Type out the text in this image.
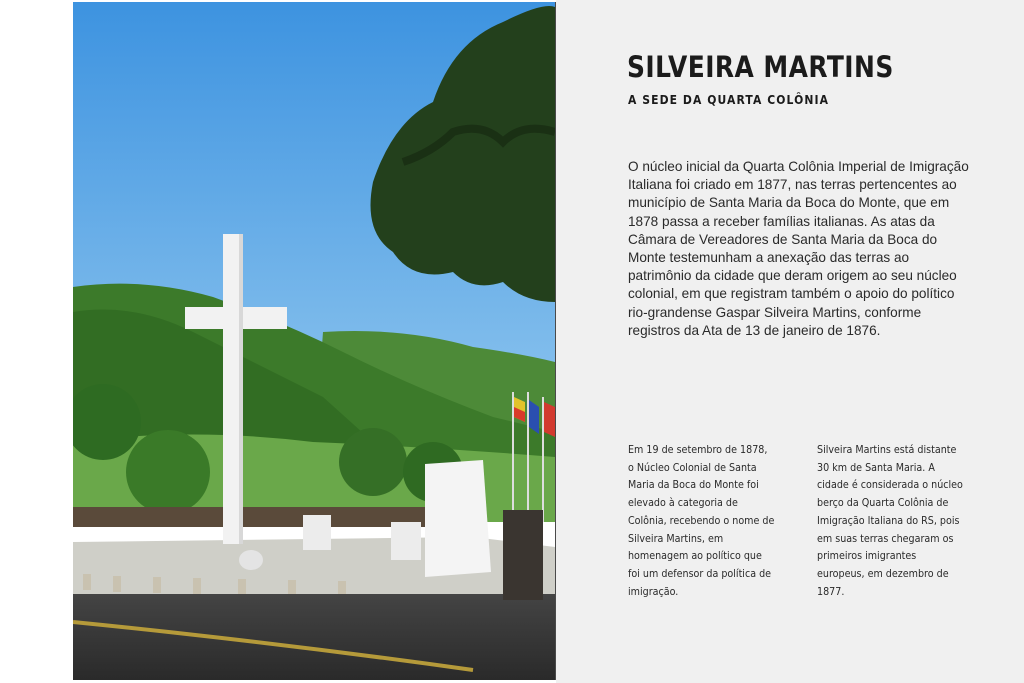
SILVEIRA MARTINS
A SEDE DA QUARTA COLÔNIA
O núcleo inicial da Quarta Colônia Imperial de Imigração Italiana foi criado em 1877, nas terras pertencentes ao município de Santa Maria da Boca do Monte, que em 1878 passa a receber famílias italianas. As atas da Câmara de Vereadores de Santa Maria da Boca do Monte testemunham a anexação das terras ao patrimônio da cidade que deram origem ao seu núcleo colonial, em que registram também o apoio do político rio-grandense Gaspar Silveira Martins, conforme registros da Ata de 13 de janeiro de 1876.
Em 19 de setembro de 1878, o Núcleo Colonial de Santa Maria da Boca do Monte foi elevado à categoria de Colônia, recebendo o nome de Silveira Martins, em homenagem ao político que foi um defensor da política de imigração.
Silveira Martins está distante 30 km de Santa Maria. A cidade é considerada o núcleo berço da Quarta Colônia de Imigração Italiana do RS, pois em suas terras chegaram os primeiros imigrantes europeus, em dezembro de 1877.
